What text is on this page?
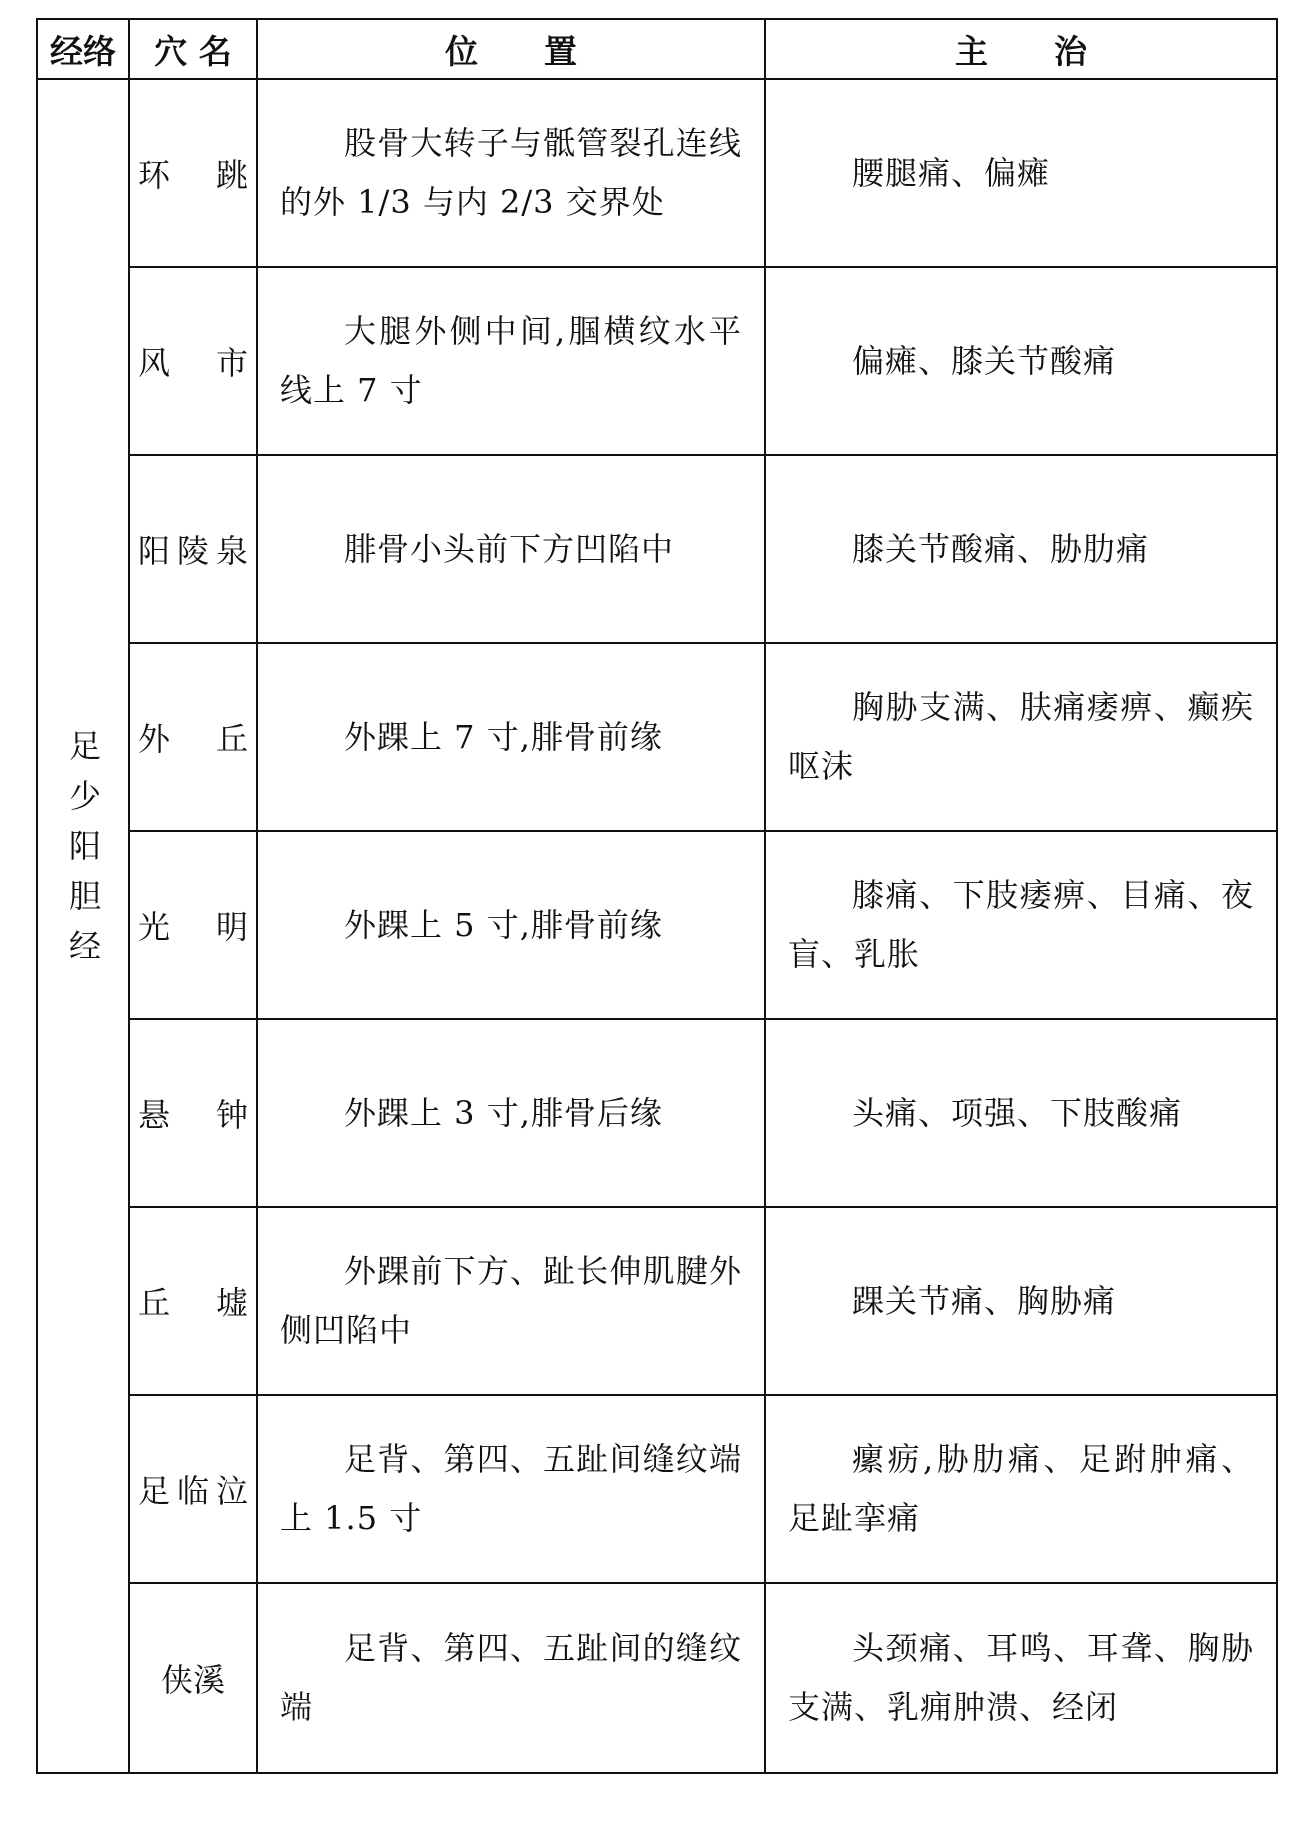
经络	穴 名	位　　置	主　　治
足少阳胆经	环　跳	股骨大转子与骶管裂孔连线的外 1/3 与内 2/3 交界处	腰腿痛、偏瘫
	风　市	大腿外侧中间,腘横纹水平线上 7 寸	偏瘫、膝关节酸痛
	阳陵泉	腓骨小头前下方凹陷中	膝关节酸痛、胁肋痛
	外　丘	外踝上 7 寸,腓骨前缘	胸胁支满、肤痛痿痹、癫疾呕沫
	光　明	外踝上 5 寸,腓骨前缘	膝痛、下肢痿痹、目痛、夜盲、乳胀
	悬　钟	外踝上 3 寸,腓骨后缘	头痛、项强、下肢酸痛
	丘　墟	外踝前下方、趾长伸肌腱外侧凹陷中	踝关节痛、胸胁痛
	足临泣	足背、第四、五趾间缝纹端上 1.5 寸	瘰疬,胁肋痛、足跗肿痛、足趾挛痛
	侠溪	足背、第四、五趾间的缝纹端	头颈痛、耳鸣、耳聋、胸胁支满、乳痈肿溃、经闭
